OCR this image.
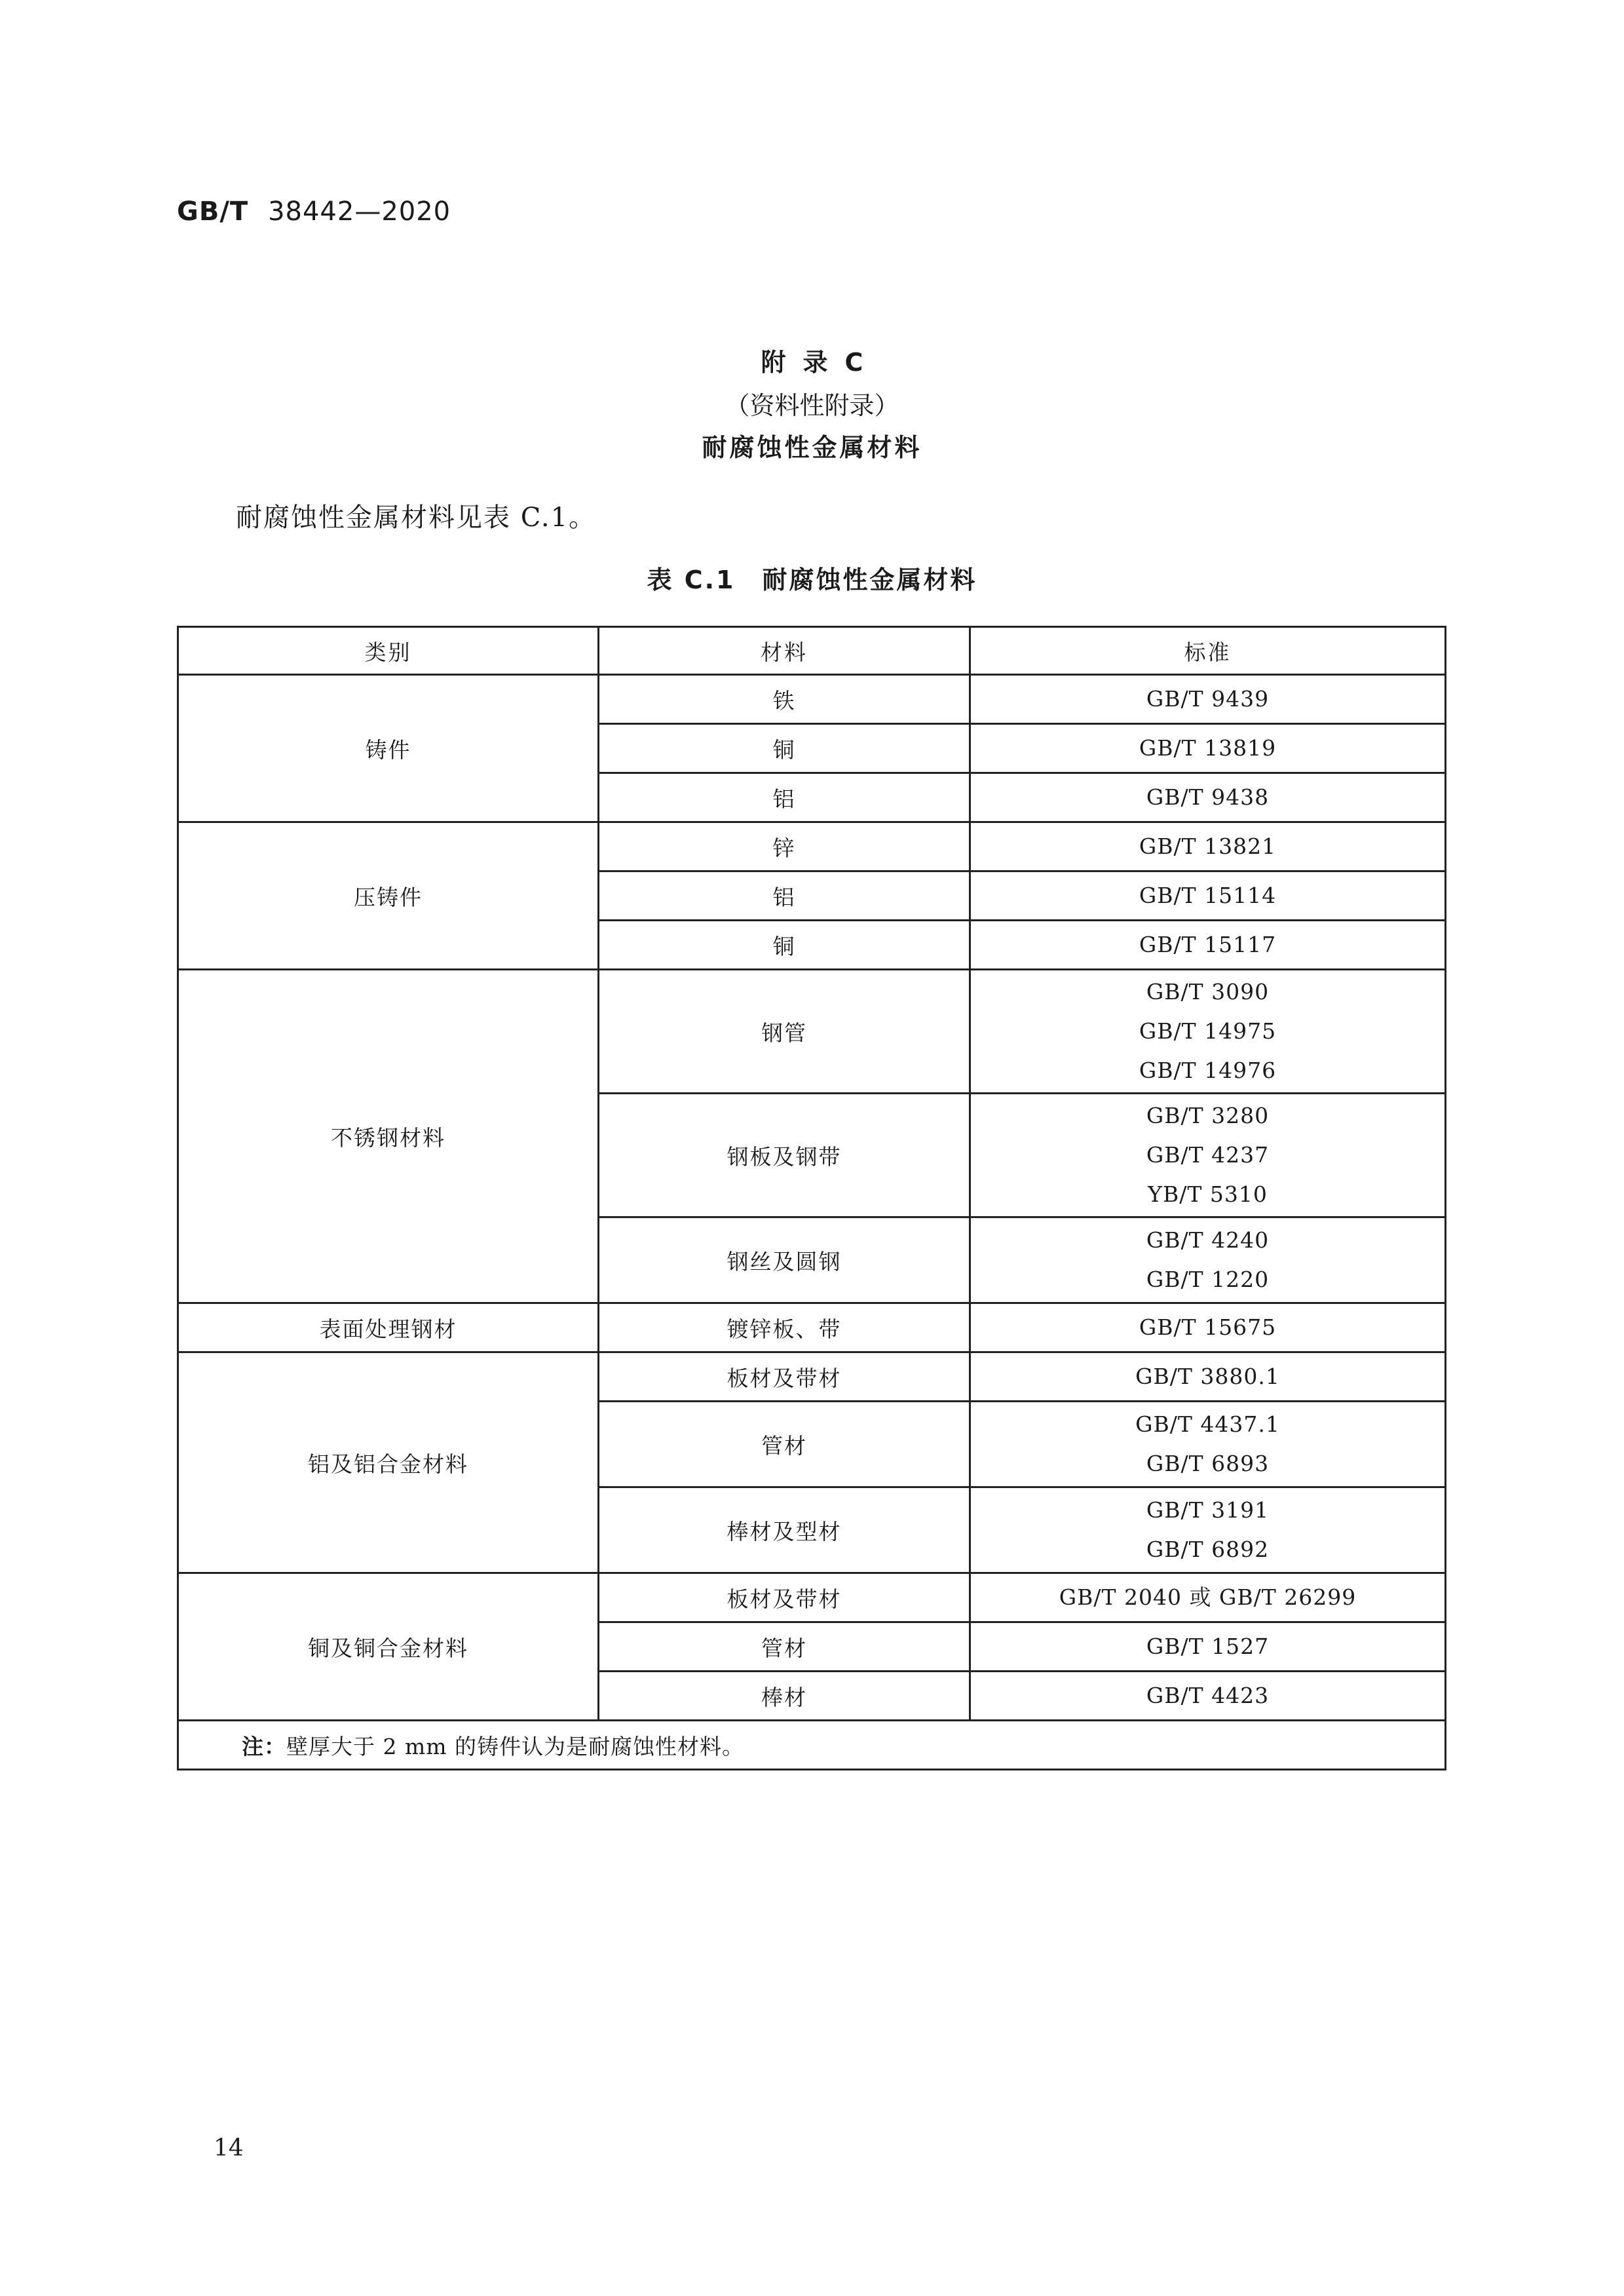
GB/T 38442—2020
附录C
（资料性附录）
耐腐蚀性金属材料
耐腐蚀性金属材料见表 C.1。
表 C.1　耐腐蚀性金属材料
类别	材料	标准
铸件	铁	GB/T 9439
	铜	GB/T 13819
	铝	GB/T 9438
压铸件	锌	GB/T 13821
	铝	GB/T 15114
	铜	GB/T 15117
不锈钢材料	钢管	GB/T 3090
GB/T 14975
GB/T 14976

	钢板及钢带	GB/T 3280
GB/T 4237
YB/T 5310

	钢丝及圆钢	GB/T 4240
GB/T 1220

表面处理钢材	镀锌板、带	GB/T 15675
铝及铝合金材料	板材及带材	GB/T 3880.1
	管材	GB/T 4437.1
GB/T 6893

	棒材及型材	GB/T 3191
GB/T 6892

铜及铜合金材料	板材及带材	GB/T 2040 或 GB/T 26299
	管材	GB/T 1527
	棒材	GB/T 4423
注：壁厚大于 2 mm 的铸件认为是耐腐蚀性材料。		
14
